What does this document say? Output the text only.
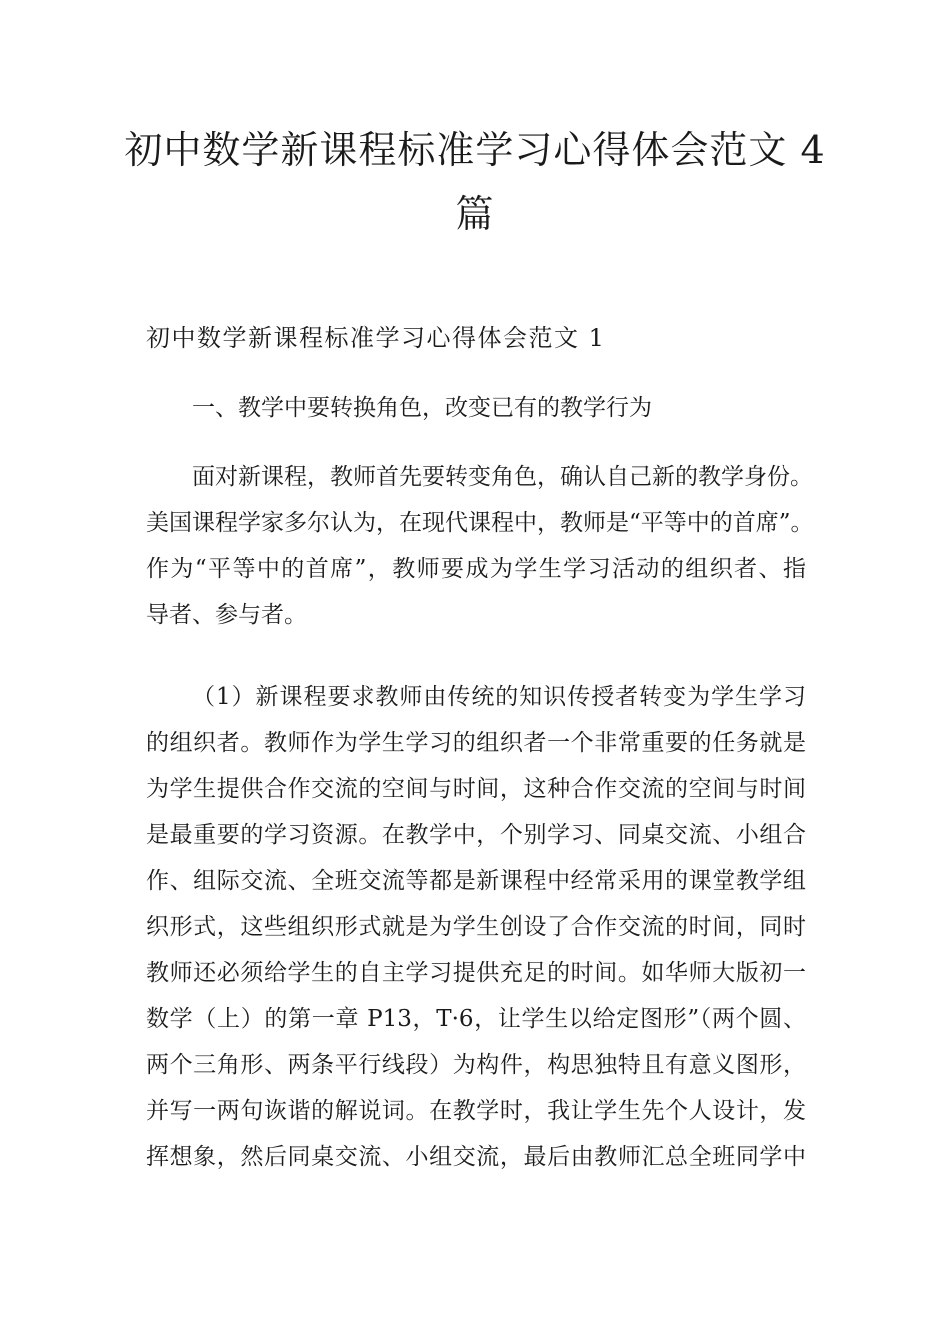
初中数学新课程标准学习心得体会范文 4
篇
初中数学新课程标准学习心得体会范文 1
一、教学中要转换角色，改变已有的教学行为
面对新课程，教师首先要转变角色，确认自己新的教学身份。
美国课程学家多尔认为，在现代课程中，教师是“平等中的首席”。
作为“平等中的首席”，教师要成为学生学习活动的组织者、指
导者、参与者。
（1）新课程要求教师由传统的知识传授者转变为学生学习
的组织者。教师作为学生学习的组织者一个非常重要的任务就是
为学生提供合作交流的空间与时间，这种合作交流的空间与时间
是最重要的学习资源。在教学中，个别学习、同桌交流、小组合
作、组际交流、全班交流等都是新课程中经常采用的课堂教学组
织形式，这些组织形式就是为学生创设了合作交流的时间，同时
教师还必须给学生的自主学习提供充足的时间。如华师大版初一
数学（上）的第一章 P13，T·6，让学生以给定图形”（两个圆、
两个三角形、两条平行线段）为构件，构思独特且有意义图形，
并写一两句诙谐的解说词。在教学时，我让学生先个人设计，发
挥想象，然后同桌交流、小组交流，最后由教师汇总全班同学中
